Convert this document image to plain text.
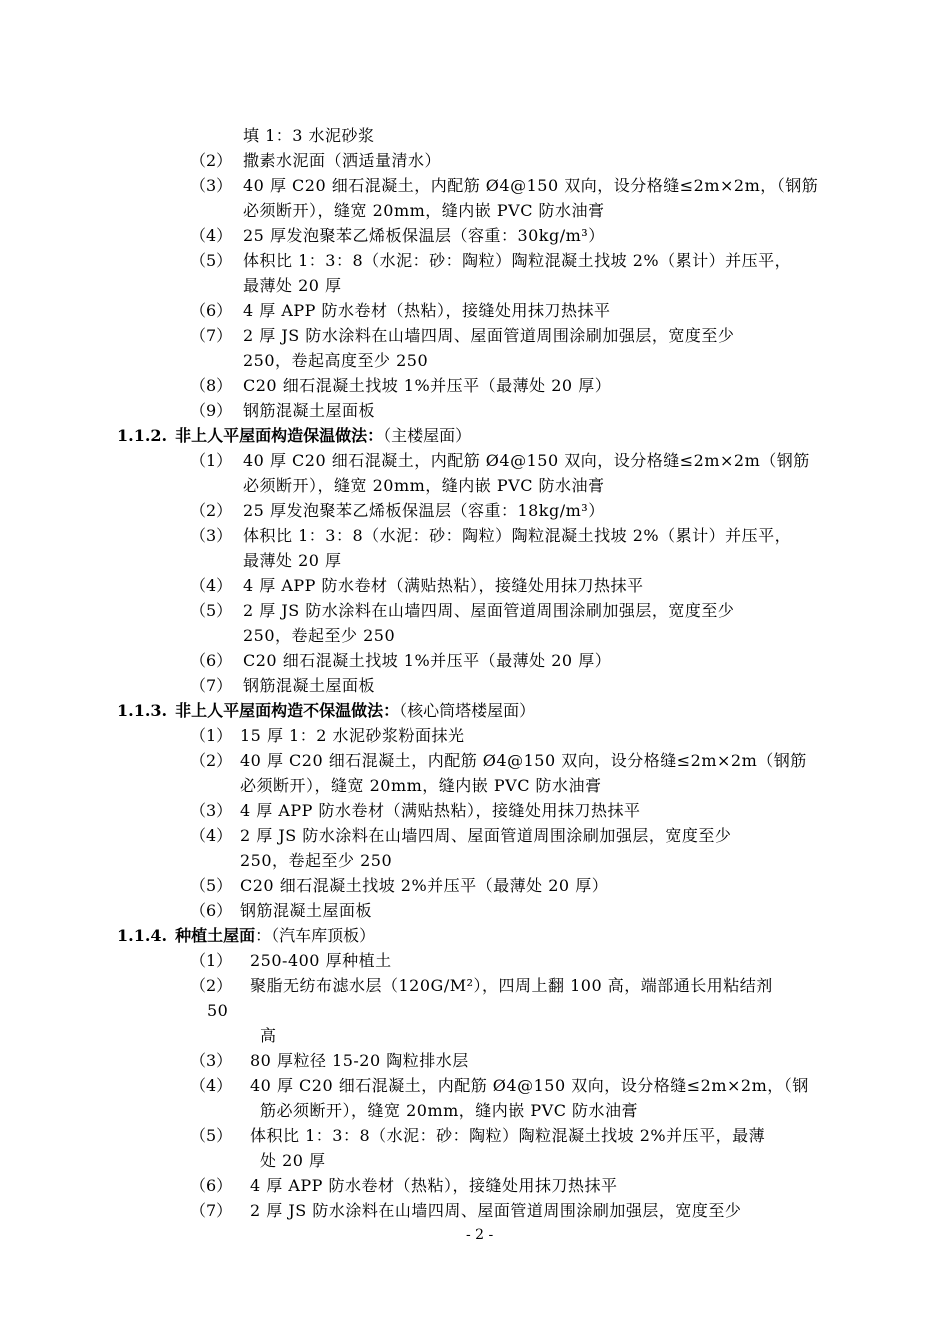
填 1：3 水泥砂浆
（2） 撒素水泥面（洒适量清水）
（3） 40 厚 C20 细石混凝土，内配筋 Ø4@150 双向，设分格缝≤2m×2m，（钢筋
必须断开），缝宽 20mm，缝内嵌 PVC 防水油膏
（4） 25 厚发泡聚苯乙烯板保温层（容重：30kg/m³）
（5） 体积比 1：3：8（水泥：砂：陶粒）陶粒混凝土找坡 2%（累计）并压平，
最薄处 20 厚
（6） 4 厚 APP 防水卷材（热粘），接缝处用抹刀热抹平
（7） 2 厚 JS 防水涂料在山墙四周、屋面管道周围涂刷加强层，宽度至少
250，卷起高度至少 250
（8） C20 细石混凝土找坡 1%并压平（最薄处 20 厚）
（9） 钢筋混凝土屋面板
1.1.2. 非上人平屋面构造保温做法：（主楼屋面）
（1） 40 厚 C20 细石混凝土，内配筋 Ø4@150 双向，设分格缝≤2m×2m（钢筋
必须断开），缝宽 20mm，缝内嵌 PVC 防水油膏
（2） 25 厚发泡聚苯乙烯板保温层（容重：18kg/m³）
（3） 体积比 1：3：8（水泥：砂：陶粒）陶粒混凝土找坡 2%（累计）并压平，
最薄处 20 厚
（4） 4 厚 APP 防水卷材（满贴热粘），接缝处用抹刀热抹平
（5） 2 厚 JS 防水涂料在山墙四周、屋面管道周围涂刷加强层，宽度至少
250，卷起至少 250
（6） C20 细石混凝土找坡 1%并压平（最薄处 20 厚）
（7） 钢筋混凝土屋面板
1.1.3. 非上人平屋面构造不保温做法：（核心筒塔楼屋面）
（1） 15 厚 1：2 水泥砂浆粉面抹光
（2） 40 厚 C20 细石混凝土，内配筋 Ø4@150 双向，设分格缝≤2m×2m（钢筋
必须断开），缝宽 20mm，缝内嵌 PVC 防水油膏
（3） 4 厚 APP 防水卷材（满贴热粘），接缝处用抹刀热抹平
（4） 2 厚 JS 防水涂料在山墙四周、屋面管道周围涂刷加强层，宽度至少
250，卷起至少 250
（5） C20 细石混凝土找坡 2%并压平（最薄处 20 厚）
（6） 钢筋混凝土屋面板
1.1.4. 种植土屋面：（汽车库顶板）
（1） 250-400 厚种植土
（2） 聚脂无纺布滤水层（120G/M²），四周上翻 100 高，端部通长用粘结剂
50
高
（3） 80 厚粒径 15-20 陶粒排水层
（4） 40 厚 C20 细石混凝土，内配筋 Ø4@150 双向，设分格缝≤2m×2m，（钢
筋必须断开），缝宽 20mm，缝内嵌 PVC 防水油膏
（5） 体积比 1：3：8（水泥：砂：陶粒）陶粒混凝土找坡 2%并压平，最薄
处 20 厚
（6） 4 厚 APP 防水卷材（热粘），接缝处用抹刀热抹平
（7） 2 厚 JS 防水涂料在山墙四周、屋面管道周围涂刷加强层，宽度至少
- 2 -
